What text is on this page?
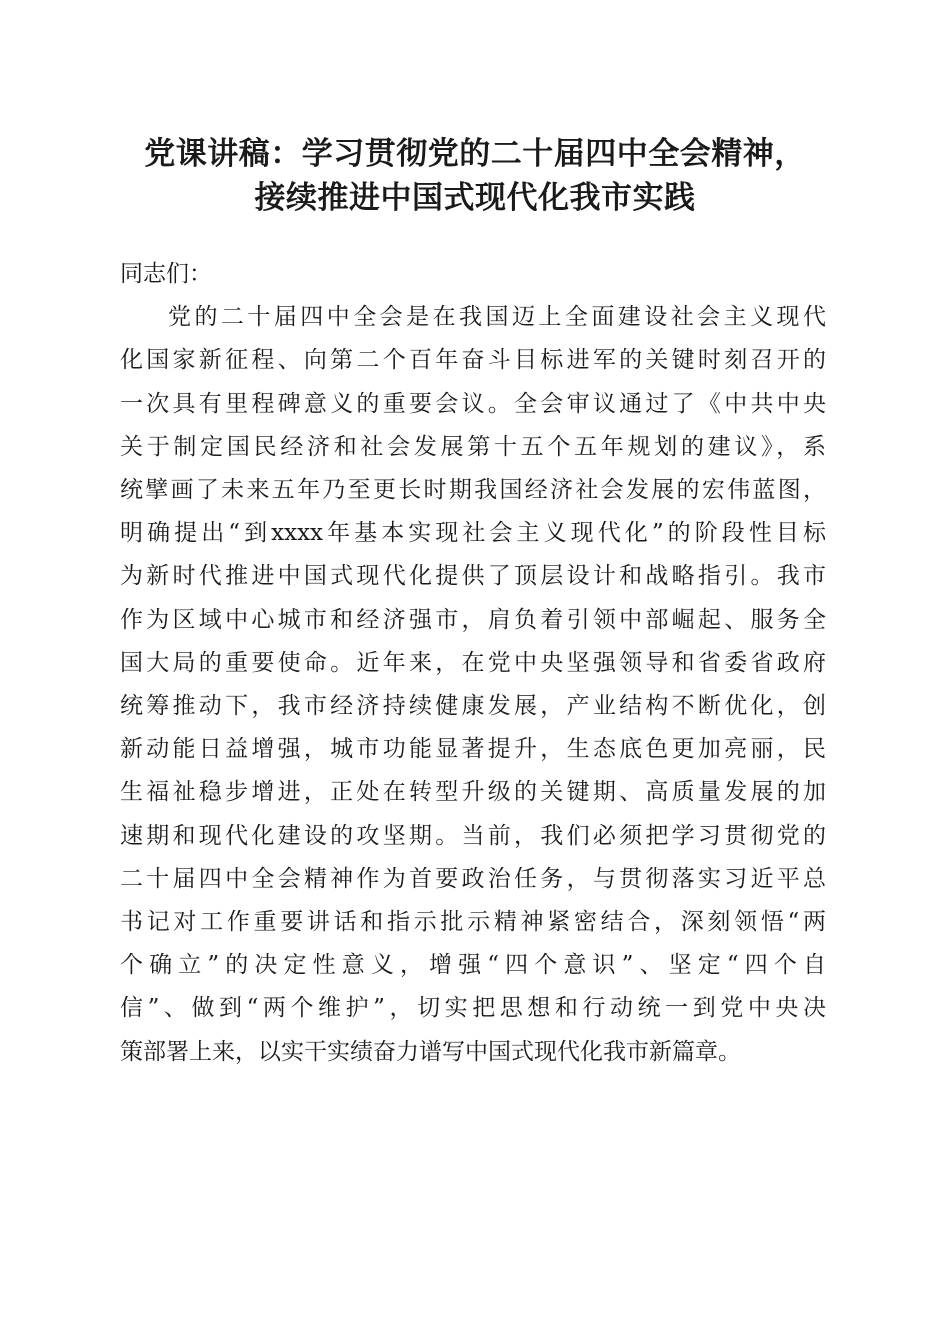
党课讲稿：学习贯彻党的二十届四中全会精神，
接续推进中国式现代化我市实践

同志们：

党的二十届四中全会是在我国迈上全面建设社会主义现代
化国家新征程、向第二个百年奋斗目标进军的关键时刻召开的
一次具有里程碑意义的重要会议。全会审议通过了《中共中央
关于制定国民经济和社会发展第十五个五年规划的建议》，系
统擘画了未来五年乃至更长时期我国经济社会发展的宏伟蓝图，
明确提出“到xxxx年基本实现社会主义现代化”的阶段性目标
为新时代推进中国式现代化提供了顶层设计和战略指引。我市
作为区域中心城市和经济强市，肩负着引领中部崛起、服务全
国大局的重要使命。近年来，在党中央坚强领导和省委省政府
统筹推动下，我市经济持续健康发展，产业结构不断优化，创
新动能日益增强，城市功能显著提升，生态底色更加亮丽，民
生福祉稳步增进，正处在转型升级的关键期、高质量发展的加
速期和现代化建设的攻坚期。当前，我们必须把学习贯彻党的
二十届四中全会精神作为首要政治任务，与贯彻落实习近平总
书记对工作重要讲话和指示批示精神紧密结合，深刻领悟“两
个确立”的决定性意义，增强“四个意识”、坚定“四个自
信”、做到“两个维护”，切实把思想和行动统一到党中央决
策部署上来，以实干实绩奋力谱写中国式现代化我市新篇章。
